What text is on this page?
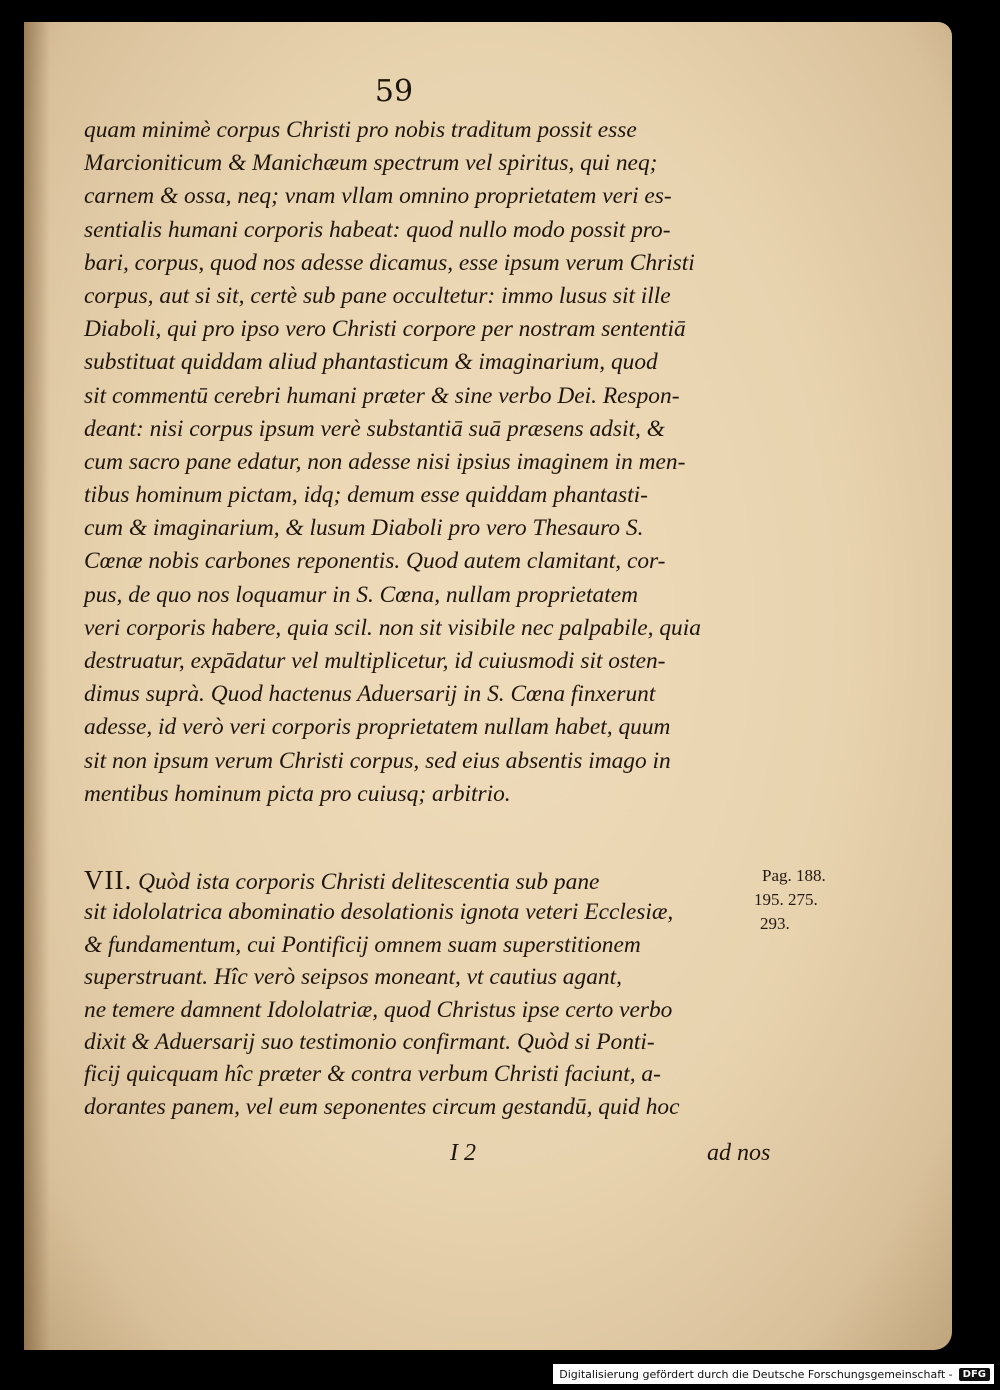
59
quam minimè corpus Christi pro nobis traditum possit esse
Marcioniticum & Manichæum spectrum vel spiritus, qui neq;
carnem & ossa, neq; vnam vllam omnino proprietatem veri es-
sentialis humani corporis habeat: quod nullo modo possit pro-
bari, corpus, quod nos adesse dicamus, esse ipsum verum Christi
corpus, aut si sit, certè sub pane occultetur: immo lusus sit ille
Diaboli, qui pro ipso vero Christi corpore per nostram sententiā
substituat quiddam aliud phantasticum & imaginarium, quod
sit commentū cerebri humani præter & sine verbo Dei. Respon-
deant: nisi corpus ipsum verè substantiā suā præsens adsit, &
cum sacro pane edatur, non adesse nisi ipsius imaginem in men-
tibus hominum pictam, idq; demum esse quiddam phantasti-
cum & imaginarium, & lusum Diaboli pro vero Thesauro S.
Cœnæ nobis carbones reponentis. Quod autem clamitant, cor-
pus, de quo nos loquamur in S. Cœna, nullam proprietatem
veri corporis habere, quia scil. non sit visibile nec palpabile, quia
destruatur, expādatur vel multiplicetur, id cuiusmodi sit osten-
dimus suprà. Quod hactenus Aduersarij in S. Cœna finxerunt
adesse, id verò veri corporis proprietatem nullam habet, quum
sit non ipsum verum Christi corpus, sed eius absentis imago in
mentibus hominum picta pro cuiusq; arbitrio.
VII. Quòd ista corporis Christi delitescentia sub pane
sit idololatrica abominatio desolationis ignota veteri Ecclesiæ,
& fundamentum, cui Pontificij omnem suam superstitionem
superstruant. Hîc verò seipsos moneant, vt cautius agant,
ne temere damnent Idololatriæ, quod Christus ipse certo verbo
dixit & Aduersarij suo testimonio confirmant. Quòd si Ponti-
ficij quicquam hîc præter & contra verbum Christi faciunt, a-
dorantes panem, vel eum seponentes circum gestandū, quid hoc
Pag. 188.
195. 275.
293.
I 2	ad nos
Digitalisierung gefördert durch die Deutsche Forschungsgemeinschaft -	DFG
